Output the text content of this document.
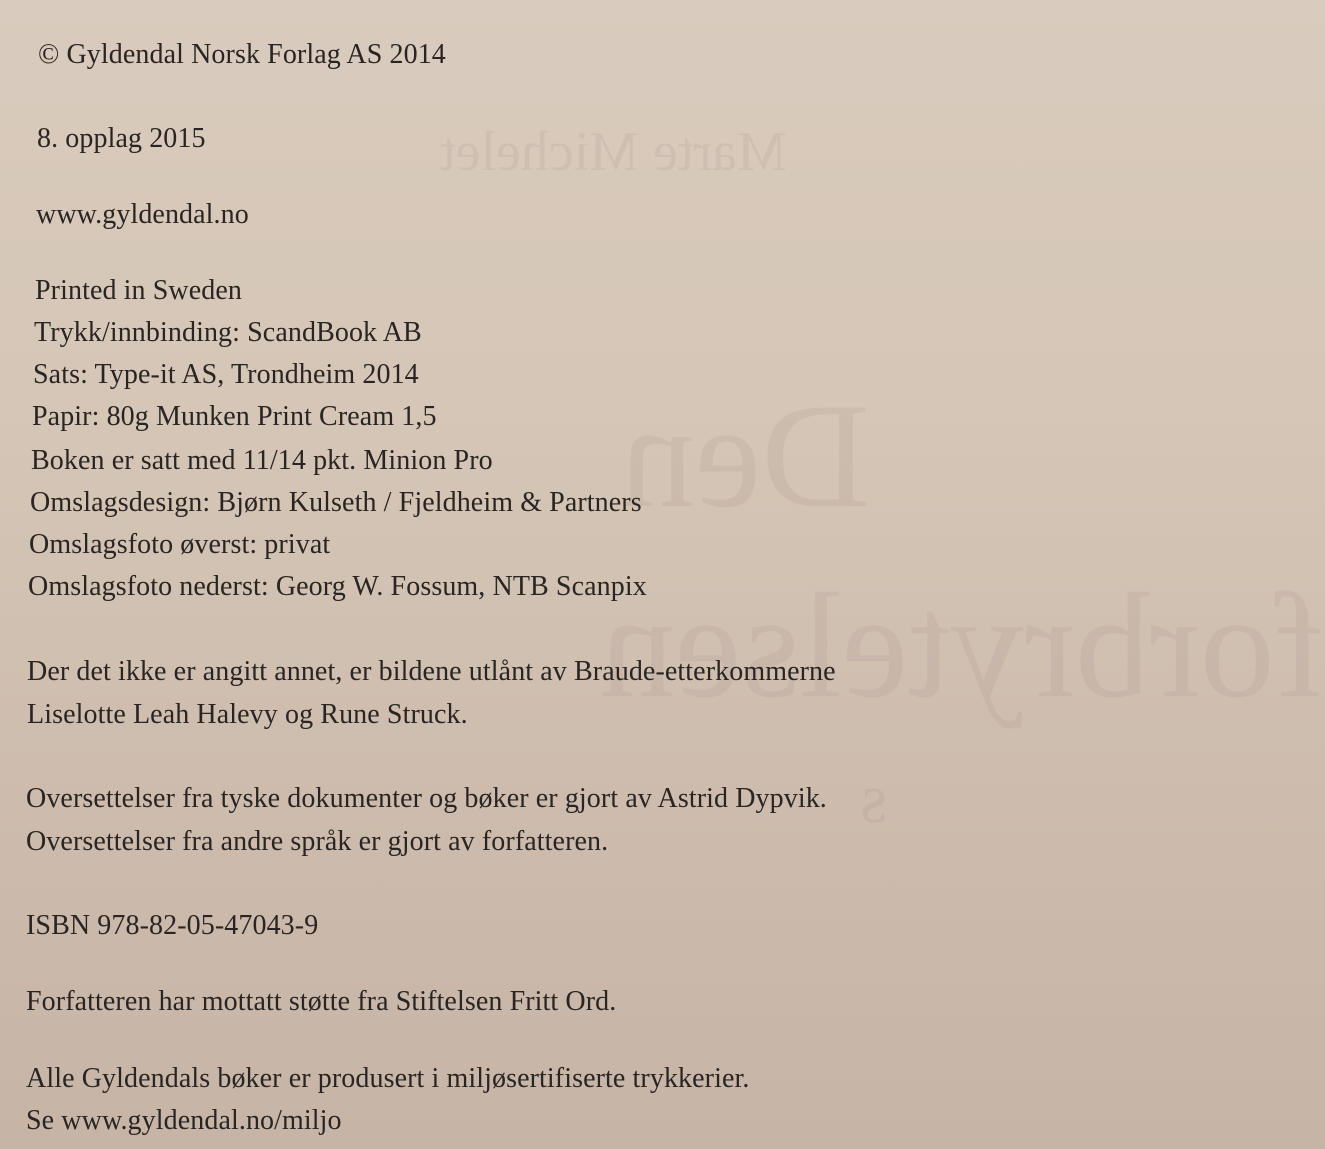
Marte Michelet
Den
forbrytelsen
s
© Gyldendal Norsk Forlag AS 2014
8. opplag 2015
www.gyldendal.no
Printed in Sweden
Trykk/innbinding: ScandBook AB
Sats: Type-it AS, Trondheim 2014
Papir: 80g Munken Print Cream 1,5
Boken er satt med 11/14 pkt. Minion Pro
Omslagsdesign: Bjørn Kulseth / Fjeldheim & Partners
Omslagsfoto øverst: privat
Omslagsfoto nederst: Georg W. Fossum, NTB Scanpix
Der det ikke er angitt annet, er bildene utlånt av Braude-etterkommerne
Liselotte Leah Halevy og Rune Struck.
Oversettelser fra tyske dokumenter og bøker er gjort av Astrid Dypvik.
Oversettelser fra andre språk er gjort av forfatteren.
ISBN 978-82-05-47043-9
Forfatteren har mottatt støtte fra Stiftelsen Fritt Ord.
Alle Gyldendals bøker er produsert i miljøsertifiserte trykkerier.
Se www.gyldendal.no/miljo
